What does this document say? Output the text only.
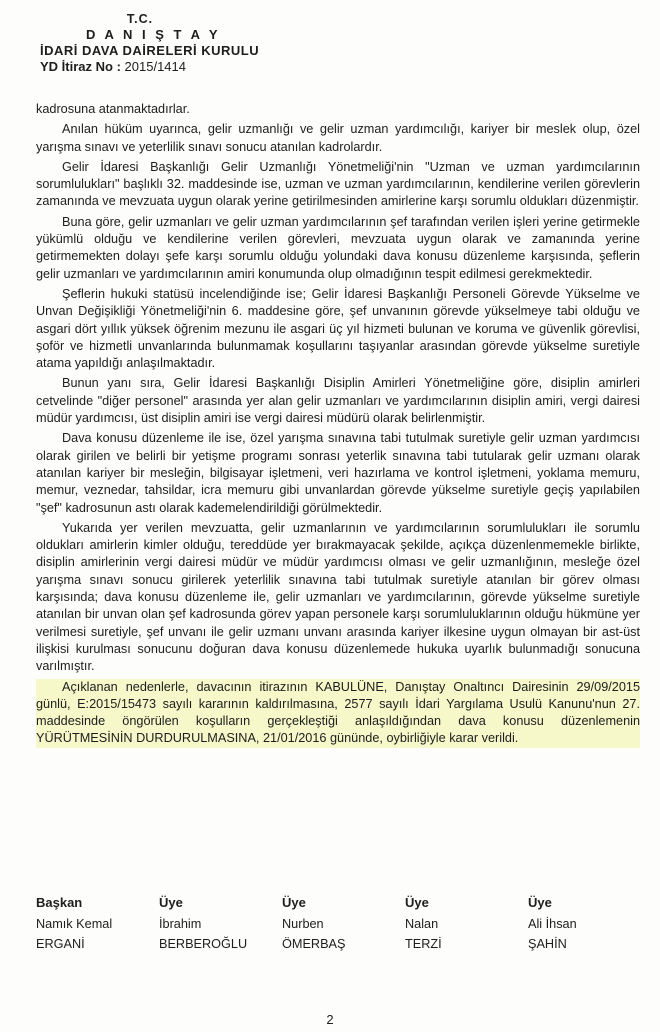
T.C.
D A N I Ş T A Y
İDARİ DAVA DAİRELERİ KURULU
YD İtiraz No : 2015/1414

kadrosuna atanmaktadırlar.

Anılan hüküm uyarınca, gelir uzmanlığı ve gelir uzman yardımcılığı, kariyer bir meslek olup, özel yarışma sınavı ve yeterlilik sınavı sonucu atanılan kadrolardır.

Gelir İdaresi Başkanlığı Gelir Uzmanlığı Yönetmeliği'nin "Uzman ve uzman yardımcılarının sorumlulukları" başlıklı 32. maddesinde ise, uzman ve uzman yardımcılarının, kendilerine verilen görevlerin zamanında ve mevzuata uygun olarak yerine getirilmesinden amirlerine karşı sorumlu oldukları düzenmiştir.

Buna göre, gelir uzmanları ve gelir uzman yardımcılarının şef tarafından verilen işleri yerine getirmekle yükümlü olduğu ve kendilerine verilen görevleri, mevzuata uygun olarak ve zamanında yerine getirmemekten dolayı şefe karşı sorumlu olduğu yolundaki dava konusu düzenleme karşısında, şeflerin gelir uzmanları ve yardımcılarının amiri konumunda olup olmadığının tespit edilmesi gerekmektedir.

Şeflerin hukuki statüsü incelendiğinde ise; Gelir İdaresi Başkanlığı Personeli Görevde Yükselme ve Unvan Değişikliği Yönetmeliği'nin 6. maddesine göre, şef unvanının görevde yükselmeye tabi olduğu ve asgari dört yıllık yüksek öğrenim mezunu ile asgari üç yıl hizmeti bulunan ve koruma ve güvenlik görevlisi, şoför ve hizmetli unvanlarında bulunmamak koşullarını taşıyanlar arasından görevde yükselme suretiyle atama yapıldığı anlaşılmaktadır.

Bunun yanı sıra, Gelir İdaresi Başkanlığı Disiplin Amirleri Yönetmeliğine göre, disiplin amirleri cetvelinde "diğer personel" arasında yer alan gelir uzmanları ve yardımcılarının disiplin amiri, vergi dairesi müdür yardımcısı, üst disiplin amiri ise vergi dairesi müdürü olarak belirlenmiştir.

Dava konusu düzenleme ile ise, özel yarışma sınavına tabi tutulmak suretiyle gelir uzman yardımcısı olarak girilen ve belirli bir yetişme programı sonrası yeterlik sınavına tabi tutularak gelir uzmanı olarak atanılan kariyer bir mesleğin, bilgisayar işletmeni, veri hazırlama ve kontrol işletmeni, yoklama memuru, memur, veznedar, tahsildar, icra memuru gibi unvanlardan görevde yükselme suretiyle geçiş yapılabilen "şef" kadrosunun astı olarak kademelendirildiği görülmektedir.

Yukarıda yer verilen mevzuatta, gelir uzmanlarının ve yardımcılarının sorumlulukları ile sorumlu oldukları amirlerin kimler olduğu, tereddüde yer bırakmayacak şekilde, açıkça düzenlenmemekle birlikte, disiplin amirlerinin vergi dairesi müdür ve müdür yardımcısı olması ve gelir uzmanlığının, mesleğe özel yarışma sınavı sonucu girilerek yeterlilik sınavına tabi tutulmak suretiyle atanılan bir görev olması karşısında; dava konusu düzenleme ile, gelir uzmanları ve yardımcılarının, görevde yükselme suretiyle atanılan bir unvan olan şef kadrosunda görev yapan personele karşı sorumluluklarının olduğu hükmüne yer verilmesi suretiyle, şef unvanı ile gelir uzmanı unvanı arasında kariyer ilkesine uygun olmayan bir ast-üst ilişkisi kurulması sonucunu doğuran dava konusu düzenlemede hukuka uyarlık bulunmadığı sonucuna varılmıştır.

Açıklanan nedenlerle, davacının itirazının KABULÜNE, Danıştay Onaltıncı Dairesinin 29/09/2015 günlü, E:2015/15473 sayılı kararının kaldırılmasına, 2577 sayılı İdari Yargılama Usulü Kanunu'nun 27. maddesinde öngörülen koşulların gerçekleştiği anlaşıldığından dava konusu düzenlemenin YÜRÜTMESİNİN DURDURULMASINA, 21/01/2016 gününde, oybirliğiyle karar verildi.

Başkan
Namık Kemal
ERGANİ
Üye
İbrahim
BERBEROĞLU
Üye
Nurben
ÖMERBAŞ
Üye
Nalan
TERZİ
Üye
Ali İhsan
ŞAHİN
2
